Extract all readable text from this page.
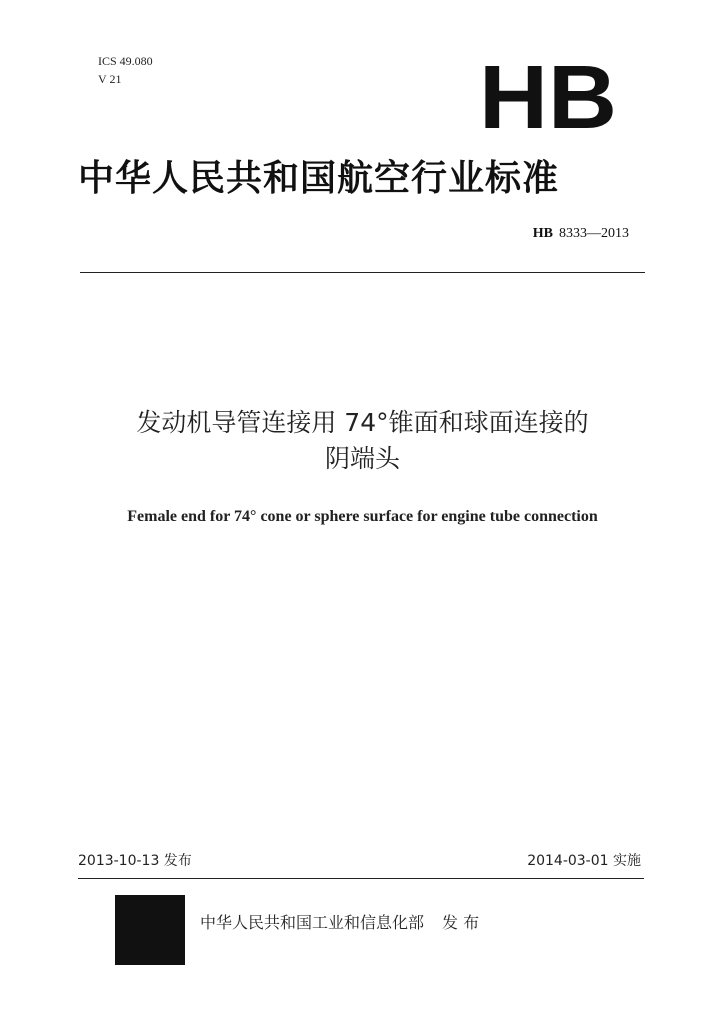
ICS 49.080
V 21	HB
中华人民共和国航空行业标准
HB 8333—2013
发动机导管连接用 74°锥面和球面连接的
阴端头
Female end for 74° cone or sphere surface for engine tube connection
2013-10-13 发布	2014-03-01 实施
中华人民共和国工业和信息化部 发 布
